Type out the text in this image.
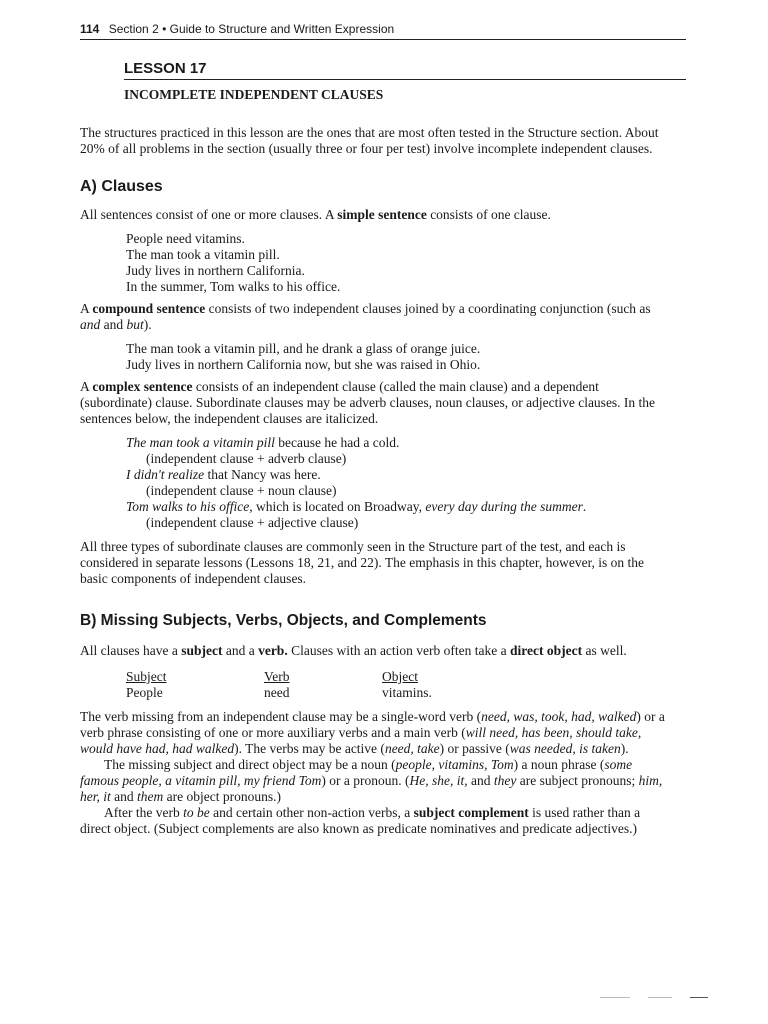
114 Section 2 • Guide to Structure and Written Expression
LESSON 17
INCOMPLETE INDEPENDENT CLAUSES

The structures practiced in this lesson are the ones that are most often tested in the Structure section. About 20% of all problems in the section (usually three or four per test) involve incomplete independent clauses.

A) Clauses

All sentences consist of one or more clauses. A simple sentence consists of one clause.

People need vitamins.
The man took a vitamin pill.
Judy lives in northern California.
In the summer, Tom walks to his office.

A compound sentence consists of two independent clauses joined by a coordinating conjunction (such as and and but).

The man took a vitamin pill, and he drank a glass of orange juice.
Judy lives in northern California now, but she was raised in Ohio.

A complex sentence consists of an independent clause (called the main clause) and a dependent (subordinate) clause. Subordinate clauses may be adverb clauses, noun clauses, or adjective clauses. In the sentences below, the independent clauses are italicized.

The man took a vitamin pill because he had a cold.
(independent clause + adverb clause)
I didn't realize that Nancy was here.
(independent clause + noun clause)
Tom walks to his office, which is located on Broadway, every day during the summer.
(independent clause + adjective clause)

All three types of subordinate clauses are commonly seen in the Structure part of the test, and each is considered in separate lessons (Lessons 18, 21, and 22). The emphasis in this chapter, however, is on the basic components of independent clauses.

B) Missing Subjects, Verbs, Objects, and Complements

All clauses have a subject and a verb. Clauses with an action verb often take a direct object as well.

Subject	Verb	Object
People	need	vitamins.

The verb missing from an independent clause may be a single-word verb (need, was, took, had, walked) or a verb phrase consisting of one or more auxiliary verbs and a main verb (will need, has been, should take, would have had, had walked). The verbs may be active (need, take) or passive (was needed, is taken).

The missing subject and direct object may be a noun (people, vitamins, Tom) a noun phrase (some famous people, a vitamin pill, my friend Tom) or a pronoun. (He, she, it, and they are subject pronouns; him, her, it and them are object pronouns.)

After the verb to be and certain other non-action verbs, a subject complement is used rather than a direct object. (Subject complements are also known as predicate nominatives and predicate adjectives.)
